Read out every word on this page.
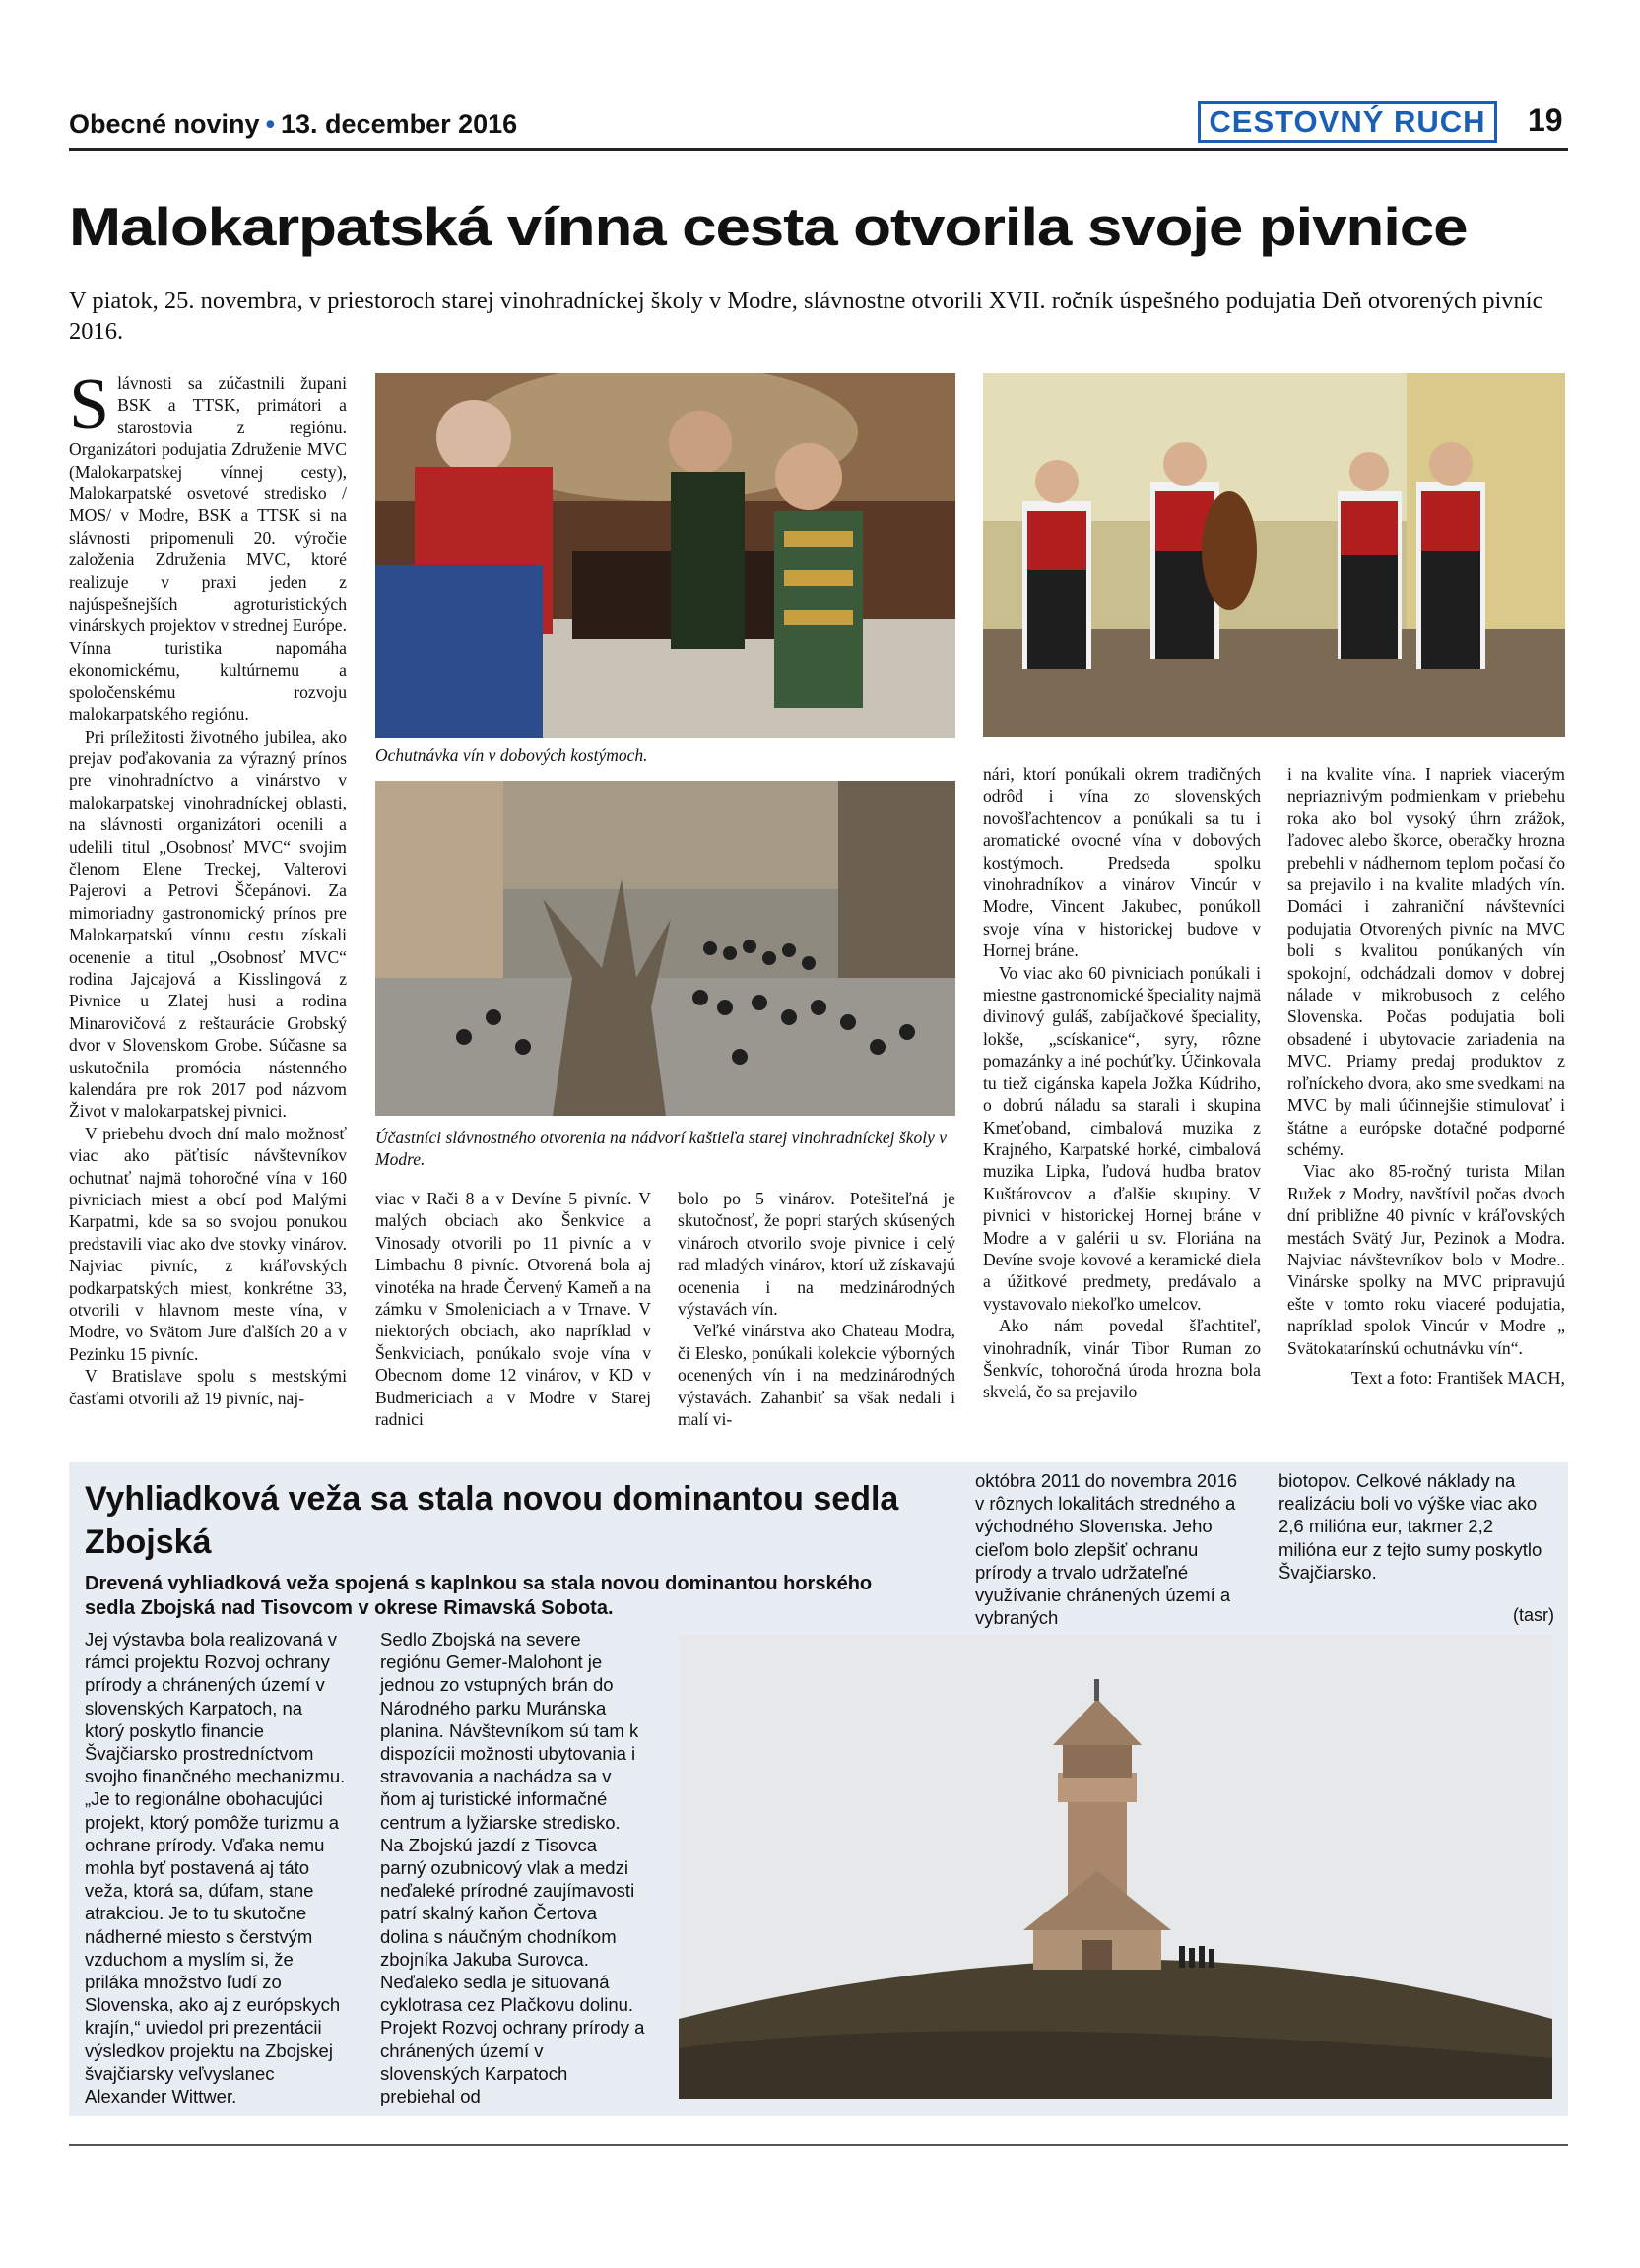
Obecné noviny • 13. december 2016	CESTOVNÝ RUCH	19
Malokarpatská vínna cesta otvorila svoje pivnice
V piatok, 25. novembra, v priestoroch starej vinohradníckej školy v Modre, slávnostne otvorili XVII. ročník úspešného podujatia Deň otvorených pivníc 2016.

Slávnosti sa zúčastnili župani BSK a TTSK, primátori a starostovia z regiónu. Organizátori podujatia Združenie MVC (Malokarpatskej vínnej cesty), Malokarpatské osvetové stredisko / MOS/ v Modre, BSK a TTSK si na slávnosti pripomenuli 20. výročie založenia Združenia MVC, ktoré realizuje v praxi jeden z najúspešnejších agroturistických vinárskych projektov v strednej Európe. Vínna turistika napomáha ekonomickému, kultúrnemu a spoločenskému rozvoju malokarpatského regiónu.

Pri príležitosti životného jubilea, ako prejav poďakovania za výrazný prínos pre vinohradníctvo a vinárstvo v malokarpatskej vinohradníckej oblasti, na slávnosti organizátori ocenili a udelili titul „Osobnosť MVC“ svojim členom Elene Treckej, Valterovi Pajerovi a Petrovi Ščepánovi. Za mimoriadny gastronomický prínos pre Malokarpatskú vínnu cestu získali ocenenie a titul „Osobnosť MVC“ rodina Jajcajová a Kisslingová z Pivnice u Zlatej husi a rodina Minarovičová z reštaurácie Grobský dvor v Slovenskom Grobe. Súčasne sa uskutočnila promócia nástenného kalendára pre rok 2017 pod názvom Život v malokarpatskej pivnici.

V priebehu dvoch dní malo možnosť viac ako päťtisíc návštevníkov ochutnať najmä tohoročné vína v 160 pivniciach miest a obcí pod Malými Karpatmi, kde sa so svojou ponukou predstavili viac ako dve stovky vinárov. Najviac pivníc, z kráľovských podkarpatských miest, konkrétne 33, otvorili v hlavnom meste vína, v Modre, vo Svätom Jure ďalších 20 a v Pezinku 15 pivníc.

V Bratislave spolu s mestskými časťami otvorili až 19 pivníc, naj-

Ochutnávka vín v dobových kostýmoch.
Účastníci slávnostného otvorenia na nádvorí kaštieľa starej vinohradníckej školy v Modre.

viac v Rači 8 a v Devíne 5 pivníc. V malých obciach ako Šenkvice a Vinosady otvorili po 11 pivníc a v Limbachu 8 pivníc. Otvorená bola aj vinotéka na hrade Červený Kameň a na zámku v Smoleniciach a v Trnave. V niektorých obciach, ako napríklad v Šenkviciach, ponúkalo svoje vína v Obecnom dome 12 vinárov, v KD v Budmericiach a v Modre v Starej radnici

bolo po 5 vinárov. Potešiteľná je skutočnosť, že popri starých skúsených vinároch otvorilo svoje pivnice i celý rad mladých vinárov, ktorí už získavajú ocenenia i na medzinárodných výstavách vín.

Veľké vinárstva ako Chateau Modra, či Elesko, ponúkali kolekcie výborných ocenených vín i na medzinárodných výstavách. Zahanbiť sa však nedali i malí vi-

nári, ktorí ponúkali okrem tradičných odrôd i vína zo slovenských novošľachtencov a ponúkali sa tu i aromatické ovocné vína v dobových kostýmoch. Predseda spolku vinohradníkov a vinárov Vincúr v Modre, Vincent Jakubec, ponúkoll svoje vína v historickej budove v Hornej bráne.

Vo viac ako 60 pivniciach ponúkali i miestne gastronomické špeciality najmä divinový guláš, zabíjačkové špeciality, lokše, „scískanice“, syry, rôzne pomazánky a iné pochúťky. Účinkovala tu tiež cigánska kapela Jožka Kúdriho, o dobrú náladu sa starali i skupina Kmeťoband, cimbalová muzika z Krajného, Karpatské horké, cimbalová muzika Lipka, ľudová hudba bratov Kuštárovcov a ďalšie skupiny. V pivnici v historickej Hornej bráne v Modre a v galérii u sv. Floriána na Devíne svoje kovové a keramické diela a úžitkové predmety, predávalo a vystavovalo niekoľko umelcov.

Ako nám povedal šľachtiteľ, vinohradník, vinár Tibor Ruman zo Šenkvíc, tohoročná úroda hrozna bola skvelá, čo sa prejavilo

i na kvalite vína. I napriek viacerým nepriaznivým podmienkam v priebehu roka ako bol vysoký úhrn zrážok, ľadovec alebo škorce, oberačky hrozna prebehli v nádhernom teplom počasí čo sa prejavilo i na kvalite mladých vín. Domáci i zahraniční návštevníci podujatia Otvorených pivníc na MVC boli s kvalitou ponúkaných vín spokojní, odchádzali domov v dobrej nálade v mikrobusoch z celého Slovenska. Počas podujatia boli obsadené i ubytovacie zariadenia na MVC. Priamy predaj produktov z roľníckeho dvora, ako sme svedkami na MVC by mali účinnejšie stimulovať i štátne a európske dotačné podporné schémy.

Viac ako 85-ročný turista Milan Ružek z Modry, navštívil počas dvoch dní približne 40 pivníc v kráľovských mestách Svätý Jur, Pezinok a Modra. Najviac návštevníkov bolo v Modre.. Vinárske spolky na MVC pripravujú ešte v tomto roku viaceré podujatia, napríklad spolok Vincúr v Modre „ Svätokatarínskú ochutnávku vín“.

Text a foto: František MACH,
Vyhliadková veža sa stala novou dominantou sedla Zbojská
Drevená vyhliadková veža spojená s kaplnkou sa stala novou dominantou horského sedla Zbojská nad Tisovcom v okrese Rimavská Sobota.

Jej výstavba bola realizovaná v rámci projektu Rozvoj ochrany prírody a chránených území v slovenských Karpatoch, na ktorý poskytlo financie Švajčiarsko prostredníctvom svojho finančného mechanizmu. „Je to regionálne obohacujúci projekt, ktorý pomôže turizmu a ochrane prírody. Vďaka nemu mohla byť postavená aj táto veža, ktorá sa, dúfam, stane atrakciou. Je to tu skutočne nádherné miesto s čerstvým vzduchom a myslím si, že priláka množstvo ľudí zo Slovenska, ako aj z európskych krajín,“ uviedol pri prezentácii výsledkov projektu na Zbojskej švajčiarsky veľvyslanec Alexander Wittwer.

Sedlo Zbojská na severe regiónu Gemer-Malohont je jednou zo vstupných brán do Národného parku Muránska planina. Návštevníkom sú tam k dispozícii možnosti ubytovania i stravovania a nachádza sa v ňom aj turistické informačné centrum a lyžiarske stredisko. Na Zbojskú jazdí z Tisovca parný ozubnicový vlak a medzi neďaleké prírodné zaujímavosti patrí skalný kaňon Čertova dolina s náučným chodníkom zbojníka Jakuba Surovca. Neďaleko sedla je situovaná cyklotrasa cez Plačkovu dolinu.

Projekt Rozvoj ochrany prírody a chránených území v slovenských Karpatoch prebiehal od

októbra 2011 do novembra 2016 v rôznych lokalitách stredného a východného Slovenska. Jeho cieľom bolo zlepšiť ochranu prírody a trvalo udržateľné využívanie chránených území a vybraných

biotopov. Celkové náklady na realizáciu boli vo výške viac ako 2,6 milióna eur, takmer 2,2 milióna eur z tejto sumy poskytlo Švajčiarsko.

(tasr)
